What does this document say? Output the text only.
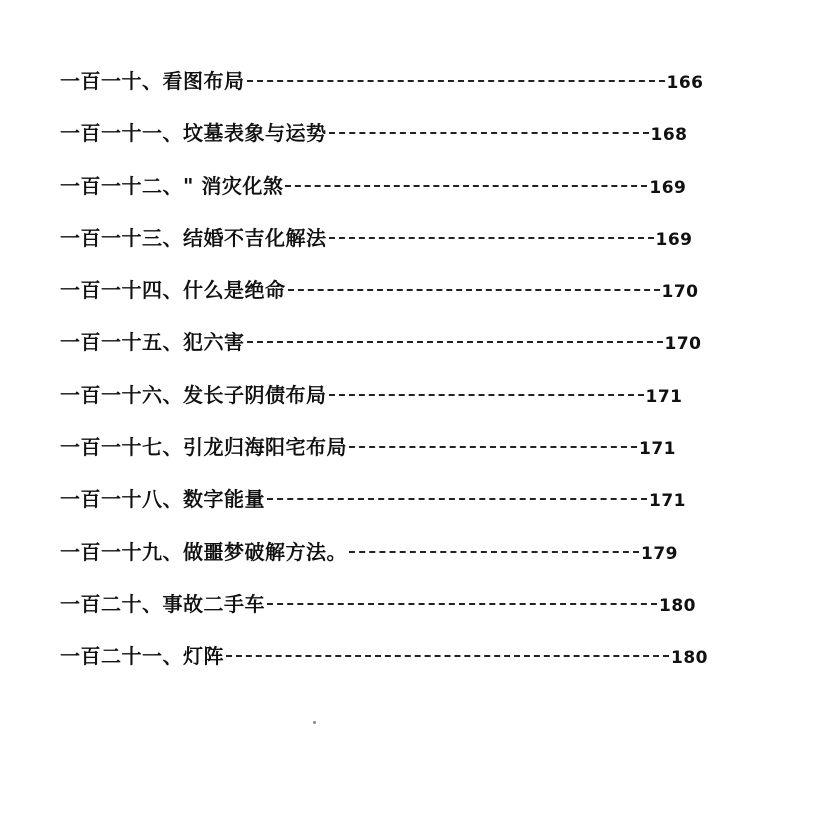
一百一十、看图布局	166
一百一十一、坟墓表象与运势	168
一百一十二、" 消灾化煞	169
一百一十三、结婚不吉化解法	169
一百一十四、什么是绝命	170
一百一十五、犯六害	170
一百一十六、发长子阴债布局	171
一百一十七、引龙归海阳宅布局	171
一百一十八、数字能量	171
一百一十九、做噩梦破解方法。	179
一百二十、事故二手车	180
一百二十一、灯阵	180
